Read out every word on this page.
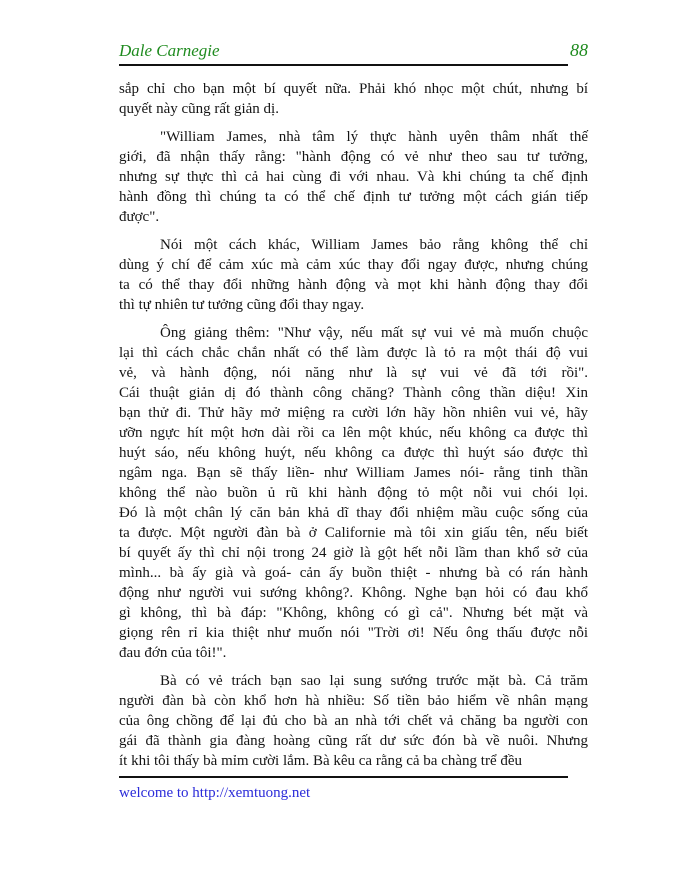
Dale Carnegie	88
sắp chỉ cho bạn một bí quyết nữa. Phải khó nhọc một chút, nhưng bí
quyết này cũng rất giản dị.
"William James, nhà tâm lý thực hành uyên thâm nhất thế
giới, đã nhận thấy rằng: "hành động có vẻ như theo sau tư tưởng,
nhưng sự thực thì cả hai cùng đi với nhau. Và khi chúng ta chế định
hành đồng thì chúng ta có thể chế định tư tưởng một cách gián tiếp
được".
Nói một cách khác, William James bảo rằng không thể chỉ
dùng ý chí để cảm xúc mà cảm xúc thay đổi ngay được, nhưng chúng
ta có thể thay đổi những hành động và mọt khi hành động thay đổi
thì tự nhiên tư tưởng cũng đổi thay ngay.
Ông giảng thêm: "Như vậy, nếu mất sự vui vẻ mà muốn chuộc
lại thì cách chắc chắn nhất có thể làm được là tỏ ra một thái độ vui
vẻ, và hành động, nói năng như là sự vui vẻ đã tới rồi".
Cái thuật giản dị đó thành công chăng? Thành công thần diệu! Xin
bạn thử đi. Thử hãy mở miệng ra cười lớn hãy hồn nhiên vui vẻ, hãy
ưỡn ngực hít một hơn dài rồi ca lên một khúc, nếu không ca được thì
huýt sáo, nếu không huýt, nếu không ca được thì huýt sáo được thì
ngâm nga. Bạn sẽ thấy liền- như William James nói- rằng tinh thần
không thể nào buồn ủ rũ khi hành động tỏ một nỗi vui chói lọi.
Đó là một chân lý căn bản khả dĩ thay đổi nhiệm mầu cuộc sống của
ta được. Một người đàn bà ở Californie mà tôi xin giấu tên, nếu biết
bí quyết ấy thì chỉ nội trong 24 giờ là gột hết nỗi lầm than khổ sở của
mình... bà ấy già và goá- cản ấy buồn thiệt - nhưng bà có rán hành
động như người vui sướng không?. Không. Nghe bạn hỏi có đau khổ
gì không, thì bà đáp: "Không, không có gì cả". Nhưng bét mặt và
giọng rên rỉ kia thiệt như muốn nói "Trời ơi! Nếu ông thấu được nỗi
đau đớn của tôi!".
Bà có vẻ trách bạn sao lại sung sướng trước mặt bà. Cả trăm
người đàn bà còn khổ hơn hà nhiều: Số tiền bảo hiểm về nhân mạng
của ông chồng để lại đủ cho bà an nhà tới chết vả chăng ba người con
gái đã thành gia đàng hoàng cũng rất dư sức đón bà về nuôi. Nhưng
ít khi tôi thấy bà mỉm cười lắm. Bà kêu ca rằng cả ba chàng trể đều
welcome to http://xemtuong.net
